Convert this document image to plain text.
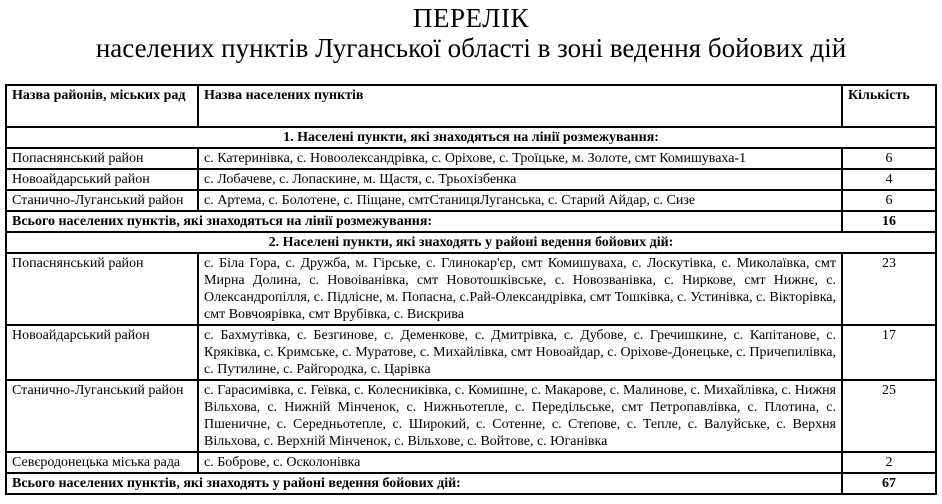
ПЕРЕЛІК
населених пунктів Луганської області в зоні ведення бойових дій
Назва районів, міських рад	Назва населених пунктів	Кількість
1. Населені пункти, які знаходяться на лінії розмежування:		
Попаснянський район	с. Катеринівка, с. Новоолександрівка, с. Оріхове, с. Троїцьке, м. Золоте, смт Комишуваха-1	6
Новоайдарський район	с. Лобачеве, с. Лопаскине, м. Щастя, с. Трьохізбенка	4
Станично-Луганський район	с. Артема, с. Болотене, с. Піщане, смтСтаницяЛуганська, с. Старий Айдар, с. Сизе	6
Всього населених пунктів, які знаходяться на лінії розмежування:		16
2. Населені пункти, які знаходять у районі ведення бойових дій:		
Попаснянський район	с. Біла Гора, с. Дружба, м. Гірське, с. Глинокар'єр, смт Комишуваха, с. Лоскутівка, с. Миколаївка, смт Мирна Долина, с. Новоіванівка, смт Новотошківське, с. Новозванівка, с. Ниркове, смт Нижнє, с. Олександропілля, с. Підлісне, м. Попасна, с.Рай-Олександрівка, смт Тошківка, с. Устинівка, с. Вікторівка, смт Вовчоярівка, смт Врубівка, с. Вискрива	23
Новоайдарський район	с. Бахмутівка, с. Безгинове, с. Деменкове, с. Дмитрівка, с. Дубове, с. Гречишкине, с. Капітанове, с. Кряківка, с. Кримське, с. Муратове, с. Михайлівка, смт Новоайдар, с. Оріхове-Донецьке, с. Причепилівка, с. Путилине, с. Райгородка, с. Царівка	17
Станично-Луганський район	с. Гарасимівка, с. Геївка, с. Колесниківка, с. Комишне, с. Макарове, с. Малинове, с. Михайлівка, с. Нижня Вільхова, с. Нижній Мінченок, с. Нижньотепле, с. Передільське, смт Петропавлівка, с. Плотина, с. Пшеничне, с. Середньотепле, с. Широкий, с. Сотенне, с. Степове, с. Тепле, с. Валуйське, с. Верхня Вільхова, с. Верхній Мінченок, с. Вільхове, с. Войтове, с. Юганівка	25
Севєродонецька міська рада	с. Боброве, с. Осколонівка	2
Всього населених пунктів, які знаходять у районі ведення бойових дій:		67
